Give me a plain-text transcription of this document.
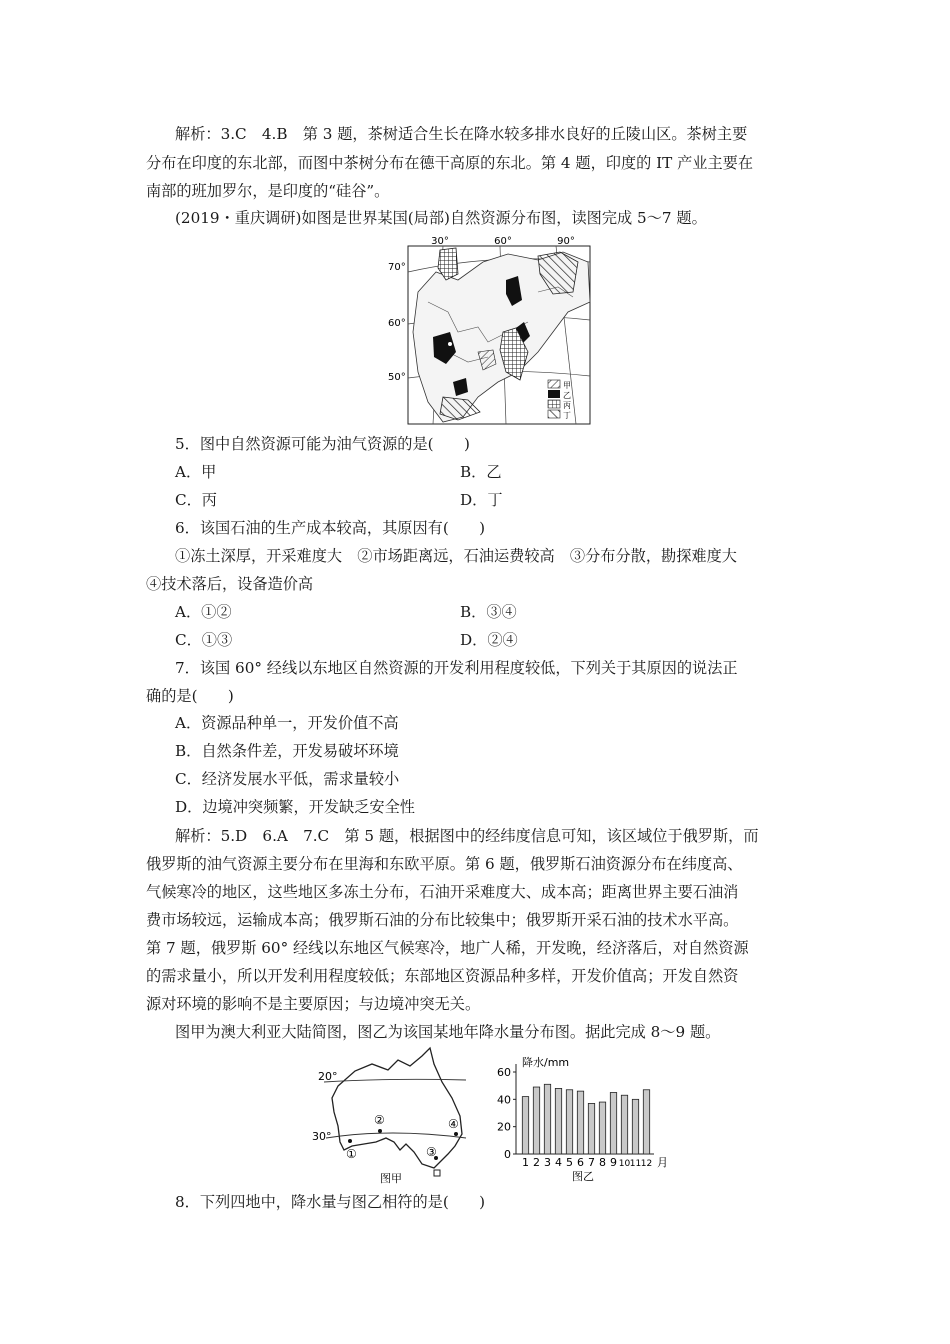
解析：3.C　4.B　第 3 题，茶树适合生长在降水较多排水良好的丘陵山区。茶树主要
分布在印度的东北部，而图中茶树分布在德干高原的东北。第 4 题，印度的 IT 产业主要在
南部的班加罗尔，是印度的“硅谷”。
(2019・重庆调研)如图是世界某国(局部)自然资源分布图，读图完成 5～7 题。
30°	60°	90°
70°
60°
50°
甲
乙
丙
丁
5．图中自然资源可能为油气资源的是(　　)
A．甲	B．乙
C．丙	D．丁
6．该国石油的生产成本较高，其原因有(　　)
①冻土深厚，开采难度大　②市场距离远，石油运费较高　③分布分散，勘探难度大
④技术落后，设备造价高
A．①②	B．③④
C．①③	D．②④
7．该国 60° 经线以东地区自然资源的开发利用程度较低，下列关于其原因的说法正
确的是(　　)
A．资源品种单一，开发价值不高
B．自然条件差，开发易破坏环境
C．经济发展水平低，需求量较小
D．边境冲突频繁，开发缺乏安全性
解析：5.D　6.A　7.C　第 5 题，根据图中的经纬度信息可知，该区域位于俄罗斯，而
俄罗斯的油气资源主要分布在里海和东欧平原。第 6 题，俄罗斯石油资源分布在纬度高、
气候寒冷的地区，这些地区多冻土分布，石油开采难度大、成本高；距离世界主要石油消
费市场较远，运输成本高；俄罗斯石油的分布比较集中；俄罗斯开采石油的技术水平高。
第 7 题，俄罗斯 60° 经线以东地区气候寒冷，地广人稀，开发晚，经济落后，对自然资源
的需求量小，所以开发利用程度较低；东部地区资源品种多样，开发价值高；开发自然资
源对环境的影响不是主要原因；与边境冲突无关。
图甲为澳大利亚大陆简图，图乙为该国某地年降水量分布图。据此完成 8～9 题。
20°
30°
①
②
③
④
图甲
降水/mm
0
20
40
60
1 2 3 4 5 6 7 8 9 10 11 12 月
图乙
8．下列四地中，降水量与图乙相符的是(　　)
